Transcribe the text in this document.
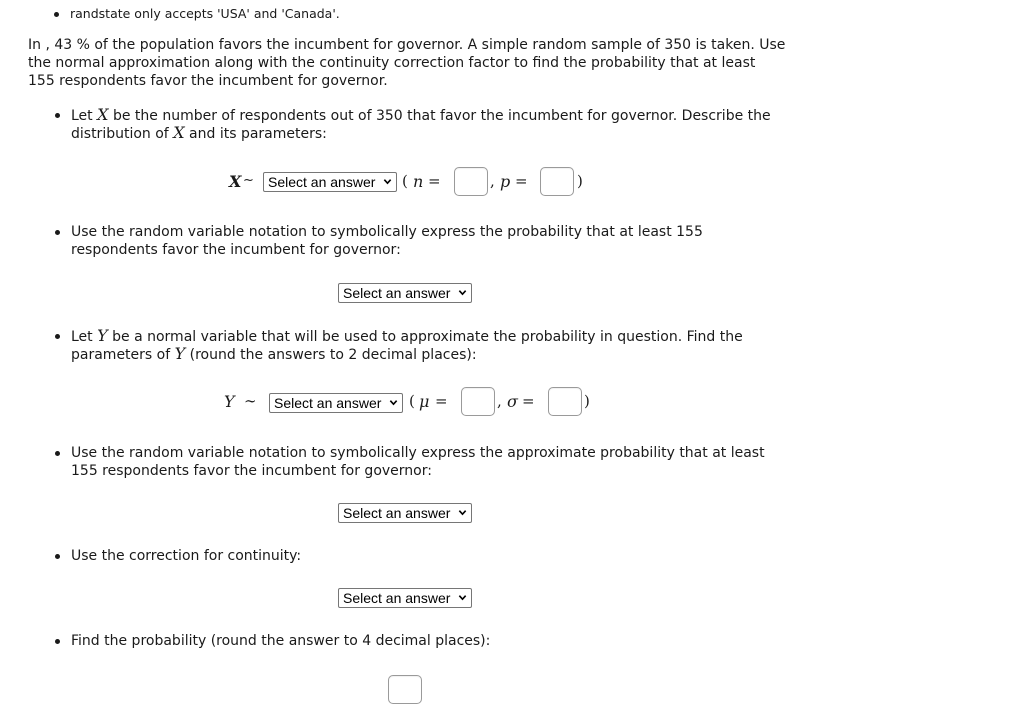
randstate only accepts 'USA' and 'Canada'.
In , 43 % of the population favors the incumbent for governor. A simple random sample of 350 is taken. Use
the normal approximation along with the continuity correction factor to find the probability that at least
155 respondents favor the incumbent for governor.
Let X be the number of respondents out of 350 that favor the incumbent for governor. Describe the
distribution of X and its parameters:
X ~	Select an answer	( n =	, p =	)
Use the random variable notation to symbolically express the probability that at least 155
respondents favor the incumbent for governor:
Select an answer
Let Y be a normal variable that will be used to approximate the probability in question. Find the
parameters of Y (round the answers to 2 decimal places):
Y ∼	Select an answer	( μ =	, σ =	)
Use the random variable notation to symbolically express the approximate probability that at least
155 respondents favor the incumbent for governor:
Select an answer
Use the correction for continuity:
Select an answer
Find the probability (round the answer to 4 decimal places):
